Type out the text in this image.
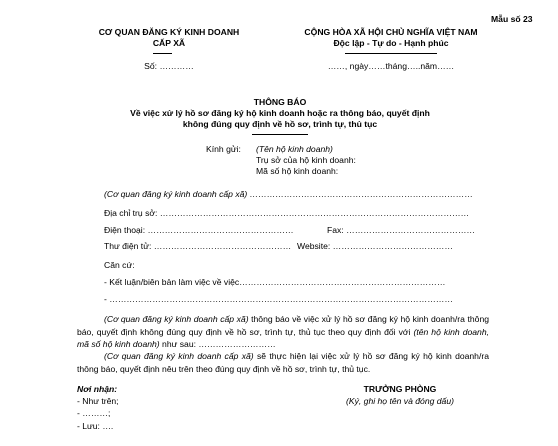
Mẫu số 23
CƠ QUAN ĐĂNG KÝ KINH DOANH
CẤP XÃ
Số: …………
CỘNG HÒA XÃ HỘI CHỦ NGHĨA VIỆT NAM
Độc lập - Tự do - Hạnh phúc
……, ngày……tháng…..năm……
THÔNG BÁO
Về việc xử lý hồ sơ đăng ký hộ kinh doanh hoặc ra thông báo, quyết định
không đúng quy định về hồ sơ, trình tự, thủ tục
Kính gửi: (Tên hộ kinh doanh)
Trụ sở của hộ kinh doanh:
Mã số hộ kinh doanh:
(Cơ quan đăng ký kinh doanh cấp xã) ……………………………………………………………………
Địa chỉ trụ sở: ………………………………………………………………………………………………
Điện thoại: ……………………………………………	Fax: ………………………………………
Thư điện tử: ………………………………………… Website: ……………………………………
Căn cứ:
- Kết luận/biên bản làm việc về việc………………………………………………………………
- …………………………………………………………………………………………………………
(Cơ quan đăng ký kinh doanh cấp xã) thông báo về việc xử lý hồ sơ đăng ký hộ kinh doanh/ra thông báo, quyết định không đúng quy định về hồ sơ, trình tự, thủ tục theo quy định đối với (tên hộ kinh doanh, mã số hộ kinh doanh) như sau: ………………………
(Cơ quan đăng ký kinh doanh cấp xã) sẽ thực hiện lại việc xử lý hồ sơ đăng ký hộ kinh doanh/ra thông báo, quyết định nêu trên theo đúng quy định về hồ sơ, trình tự, thủ tục.
Nơi nhận:
- Như trên;
- ………;
- Lưu: ….
TRƯỞNG PHÒNG
(Ký, ghi họ tên và đóng dấu)
